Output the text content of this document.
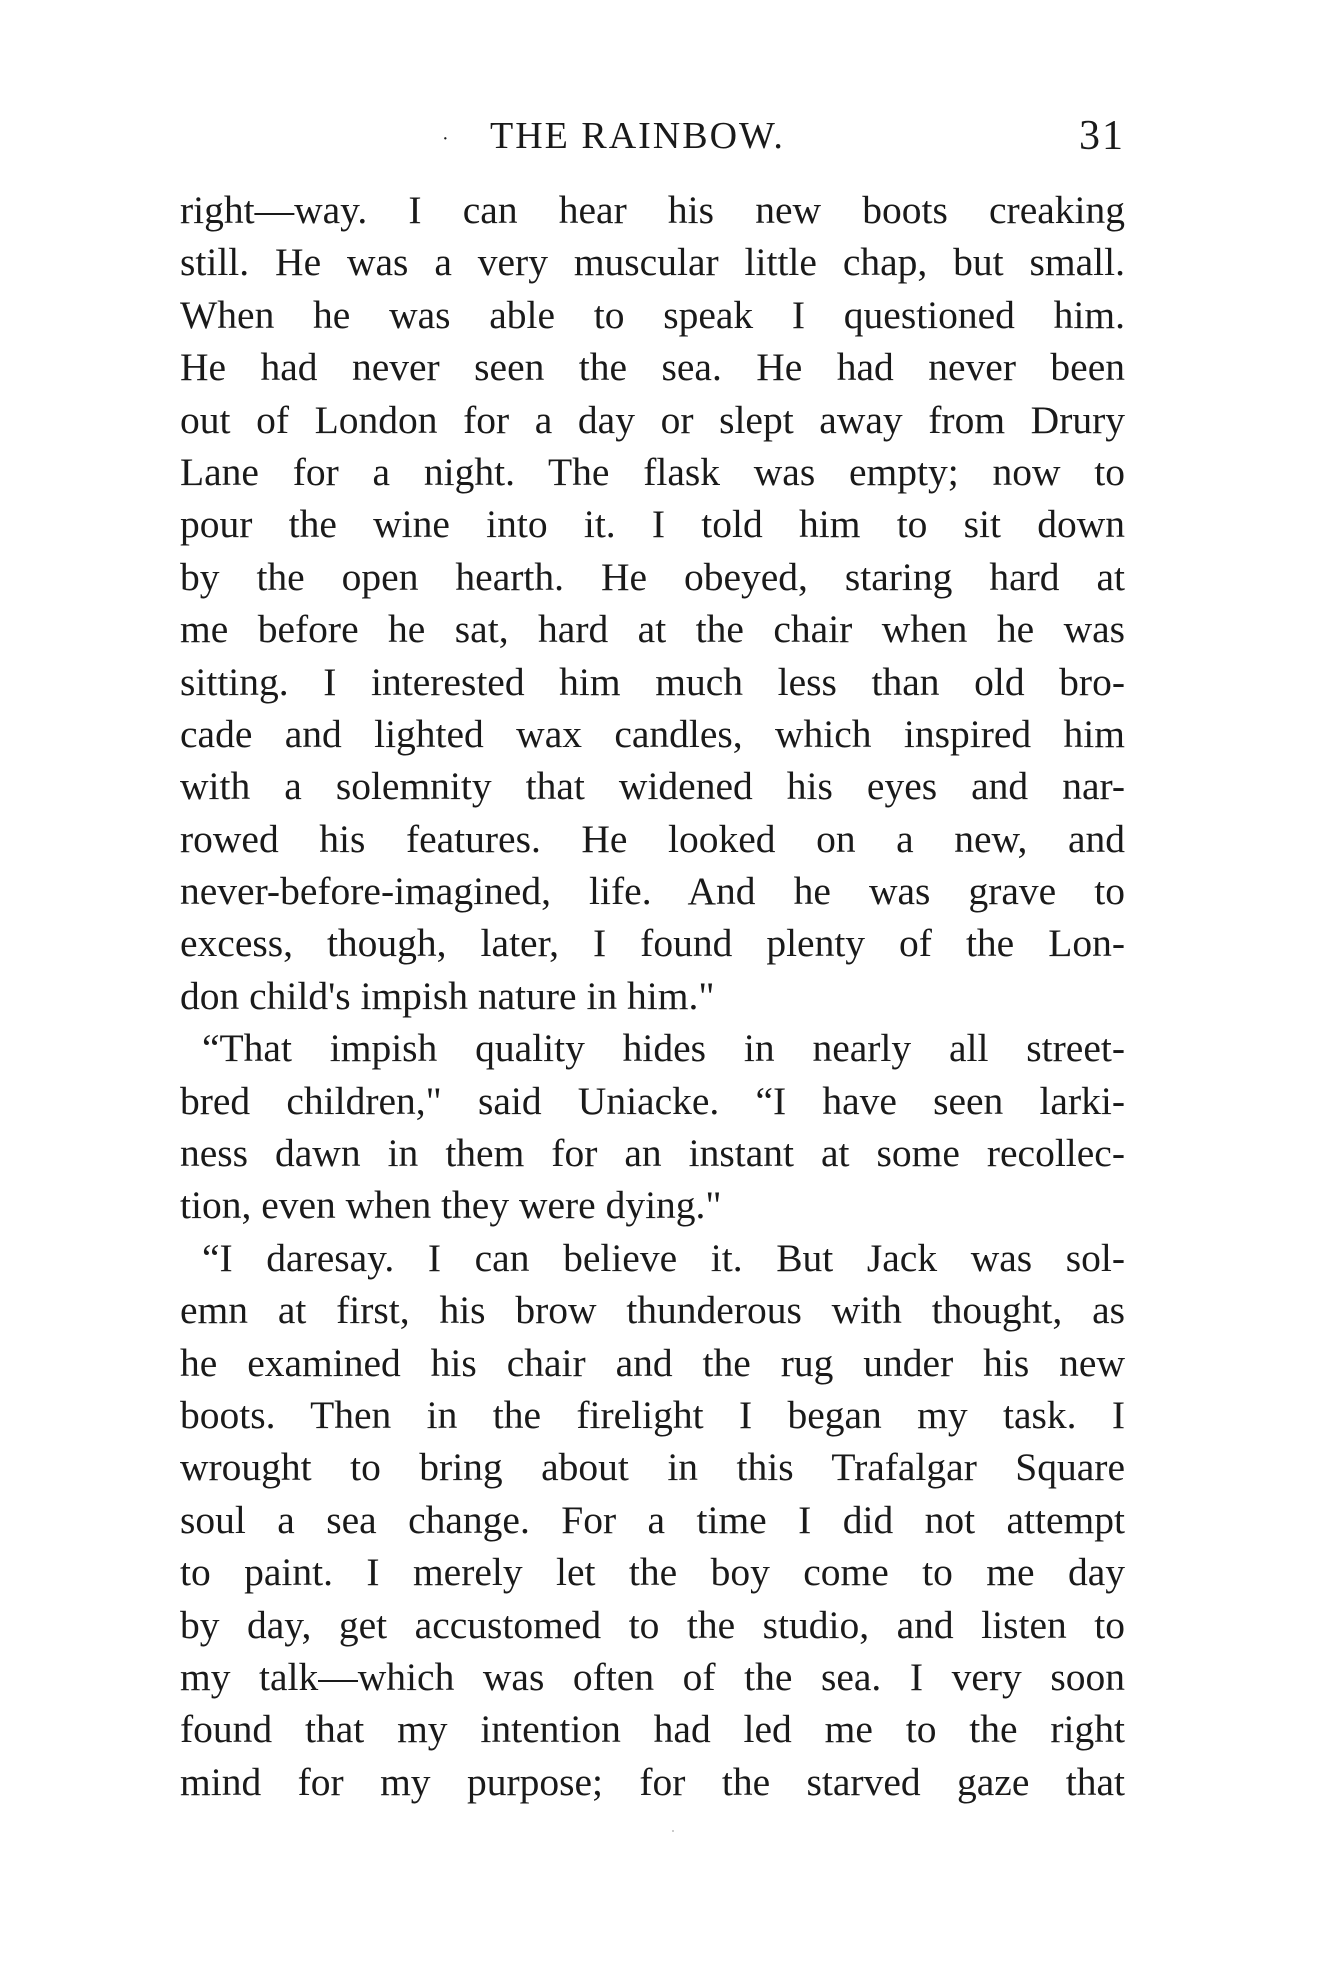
· THE RAINBOW.	31
right—way. I can hear his new boots creaking
still. He was a very muscular little chap, but small.
When he was able to speak I questioned him.
He had never seen the sea. He had never been
out of London for a day or slept away from Drury
Lane for a night. The flask was empty; now to
pour the wine into it. I told him to sit down
by the open hearth. He obeyed, staring hard at
me before he sat, hard at the chair when he was
sitting. I interested him much less than old bro-
cade and lighted wax candles, which inspired him
with a solemnity that widened his eyes and nar-
rowed his features. He looked on a new, and
never-before-imagined, life. And he was grave to
excess, though, later, I found plenty of the Lon-
don child's impish nature in him."
“That impish quality hides in nearly all street-
bred children," said Uniacke. “I have seen larki-
ness dawn in them for an instant at some recollec-
tion, even when they were dying."
“I daresay. I can believe it. But Jack was sol-
emn at first, his brow thunderous with thought, as
he examined his chair and the rug under his new
boots. Then in the firelight I began my task. I
wrought to bring about in this Trafalgar Square
soul a sea change. For a time I did not attempt
to paint. I merely let the boy come to me day
by day, get accustomed to the studio, and listen to
my talk—which was often of the sea. I very soon
found that my intention had led me to the right
mind for my purpose; for the starved gaze that
